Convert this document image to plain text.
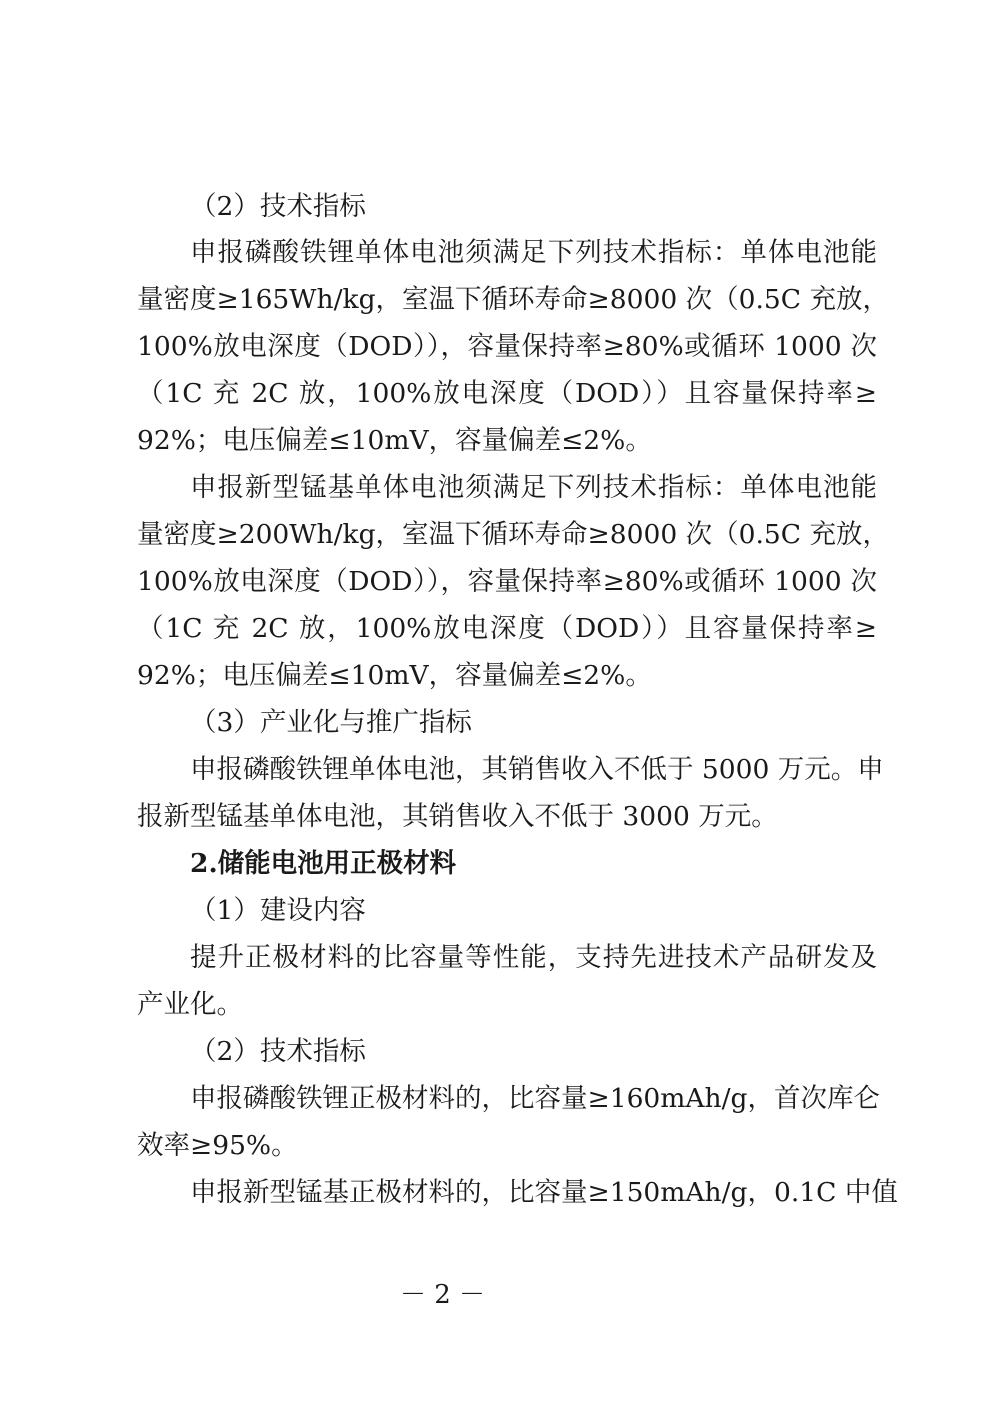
（2）技术指标
申报磷酸铁锂单体电池须满足下列技术指标：单体电池能
量密度≥165Wh/kg，室温下循环寿命≥8000 次（0.5C 充放，
100%放电深度（DOD）），容量保持率≥80%或循环 1000 次
（1C 充 2C 放，100%放电深度（DOD））且容量保持率≥
92%；电压偏差≤10mV，容量偏差≤2%。
申报新型锰基单体电池须满足下列技术指标：单体电池能
量密度≥200Wh/kg，室温下循环寿命≥8000 次（0.5C 充放，
100%放电深度（DOD）），容量保持率≥80%或循环 1000 次
（1C 充 2C 放，100%放电深度（DOD））且容量保持率≥
92%；电压偏差≤10mV，容量偏差≤2%。
（3）产业化与推广指标
申报磷酸铁锂单体电池，其销售收入不低于 5000 万元。申
报新型锰基单体电池，其销售收入不低于 3000 万元。
2.储能电池用正极材料
（1）建设内容
提升正极材料的比容量等性能，支持先进技术产品研发及
产业化。
（2）技术指标
申报磷酸铁锂正极材料的，比容量≥160mAh/g，首次库仑
效率≥95%。
申报新型锰基正极材料的，比容量≥150mAh/g，0.1C 中值
－ 2 －
